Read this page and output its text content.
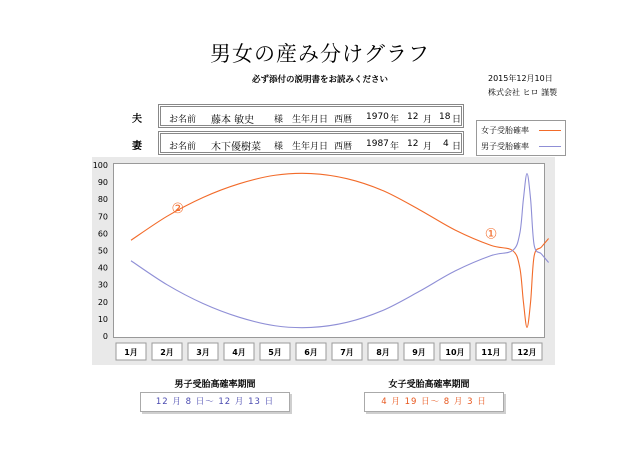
男女の産み分けグラフ
必ず添付の説明書をお読みください	2015年12月10日
株式会社 ヒロ 謹製
夫	お名前 藤本 敏史 様 生年月日 西暦 1970 年 12 月 18 日
妻	お名前 木下優樹菜 様 生年月日 西暦 1987 年 12 月 4 日
女子受胎確率
男子受胎確率
0
10
20
30
40
50
60
70
80
90
100
1月	2月	3月	4月	5月	6月	7月	8月	9月 10月 11月 12月
②
①
男子受胎高確率期間
12 月 8 日～ 12 月 13 日
女子受胎高確率期間
4 月 19 日～ 8 月 3 日
